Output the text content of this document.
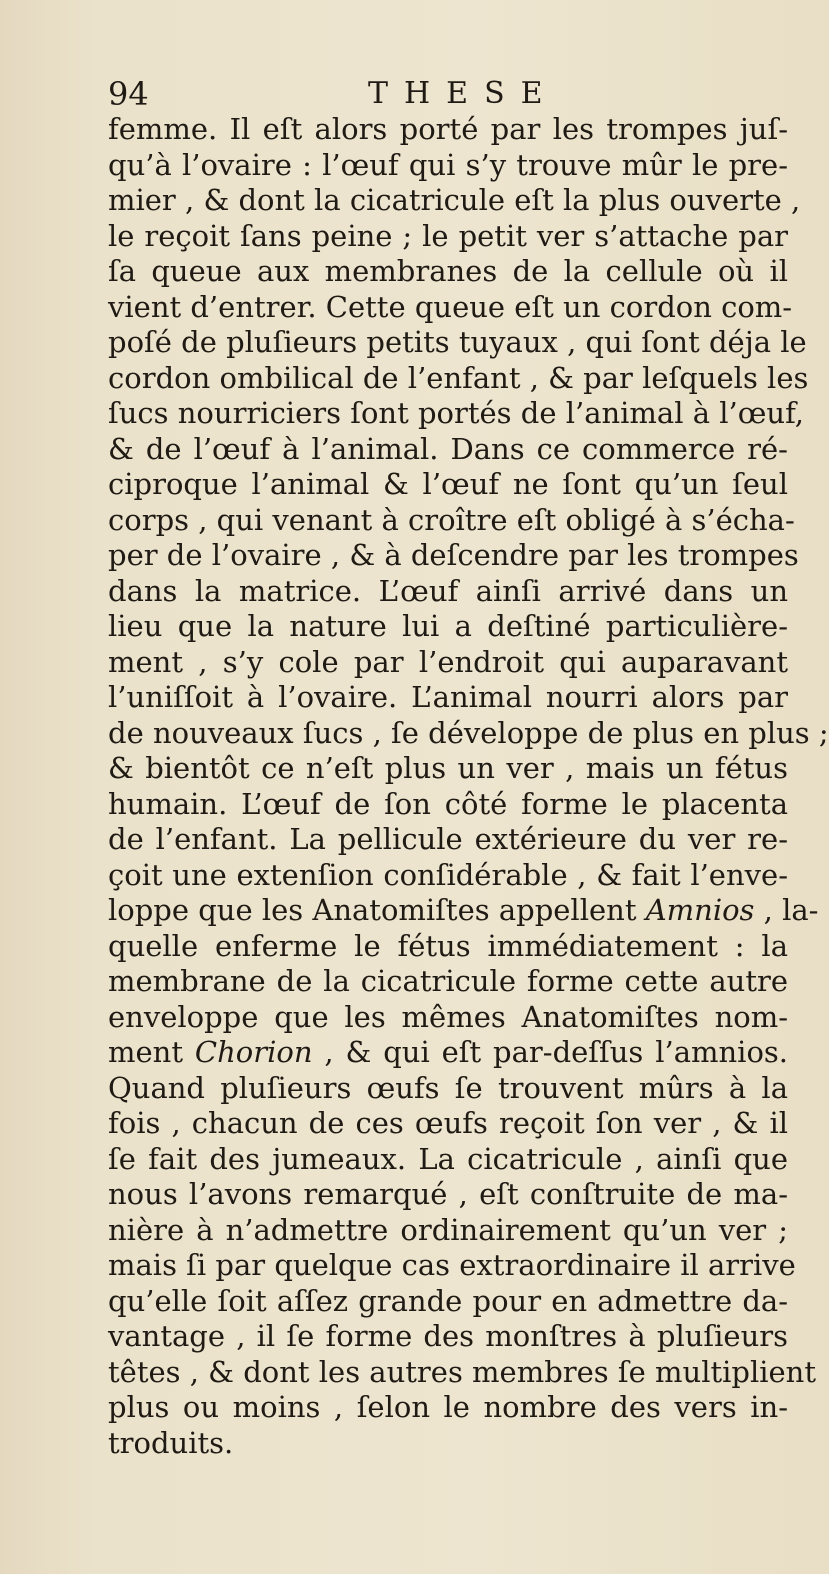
94	THESE
femme. Il eſt alors porté par les trompes juſ-
qu’à l’ovaire : l’œuf qui s’y trouve mûr le pre-
mier , & dont la cicatricule eſt la plus ouverte ,
le reçoit ſans peine ; le petit ver s’attache par
ſa queue aux membranes de la cellule où il
vient d’entrer. Cette queue eſt un cordon com-
poſé de pluſieurs petits tuyaux , qui ſont déja le
cordon ombilical de l’enfant , & par leſquels les
ſucs nourriciers ſont portés de l’animal à l’œuf,
& de l’œuf à l’animal. Dans ce commerce ré-
ciproque l’animal & l’œuf ne ſont qu’un ſeul
corps , qui venant à croître eſt obligé à s’écha-
per de l’ovaire , & à deſcendre par les trompes
dans la matrice. L’œuf ainſi arrivé dans un
lieu que la nature lui a deſtiné particulière-
ment , s’y cole par l’endroit qui auparavant
l’uniſſoit à l’ovaire. L’animal nourri alors par
de nouveaux ſucs , ſe développe de plus en plus ;
& bientôt ce n’eſt plus un ver , mais un fétus
humain. L’œuf de ſon côté forme le placenta
de l’enfant. La pellicule extérieure du ver re-
çoit une extenſion conſidérable , & fait l’enve-
loppe que les Anatomiſtes appellent Amnios , la-
quelle enferme le fétus immédiatement : la
membrane de la cicatricule forme cette autre
enveloppe que les mêmes Anatomiſtes nom-
ment Chorion , & qui eſt par-deſſus l’amnios.
Quand pluſieurs œufs ſe trouvent mûrs à la
fois , chacun de ces œufs reçoit ſon ver , & il
ſe fait des jumeaux. La cicatricule , ainſi que
nous l’avons remarqué , eſt conſtruite de ma-
nière à n’admettre ordinairement qu’un ver ;
mais ſi par quelque cas extraordinaire il arrive
qu’elle ſoit aſſez grande pour en admettre da-
vantage , il ſe forme des monſtres à pluſieurs
têtes , & dont les autres membres ſe multiplient
plus ou moins , ſelon le nombre des vers in-
troduits.
